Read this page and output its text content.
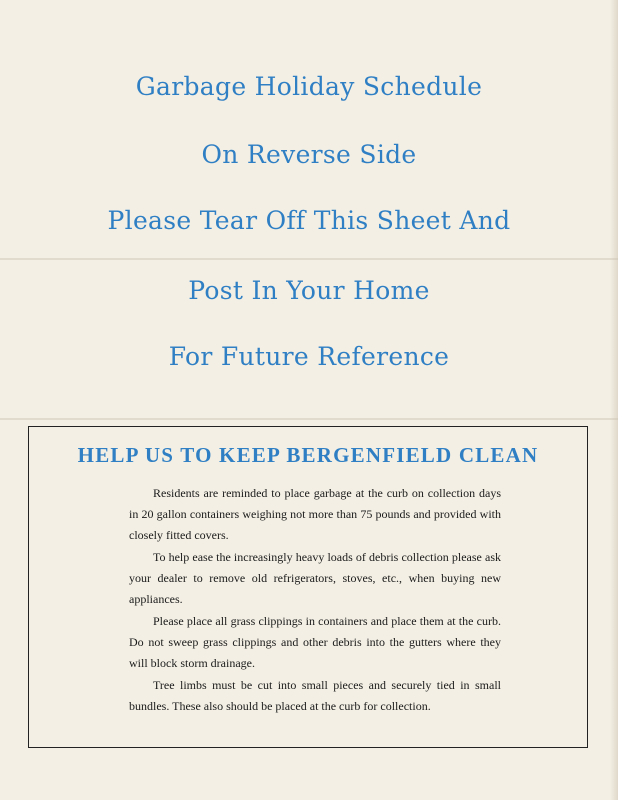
Garbage Holiday Schedule
On Reverse Side
Please Tear Off This Sheet And
Post In Your Home
For Future Reference
HELP US TO KEEP BERGENFIELD CLEAN
Residents are reminded to place garbage at the curb on collection days in 20 gallon containers weighing not more than 75 pounds and provided with closely fitted covers.
To help ease the increasingly heavy loads of debris collection please ask your dealer to remove old refrigerators, stoves, etc., when buying new appliances.
Please place all grass clippings in containers and place them at the curb. Do not sweep grass clippings and other debris into the gutters where they will block storm drainage.
Tree limbs must be cut into small pieces and securely tied in small bundles. These also should be placed at the curb for collection.
